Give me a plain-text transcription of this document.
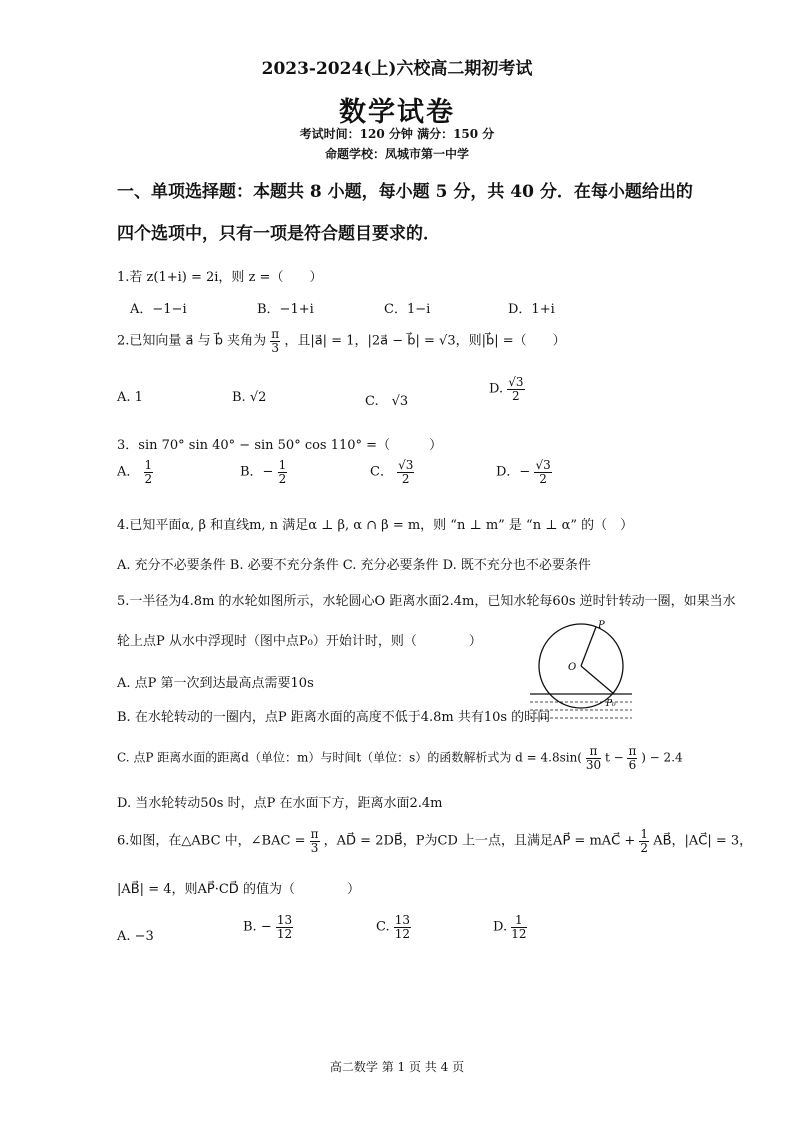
2023-2024(上)六校高二期初考试
数学试卷
考试时间：120 分钟 满分：150 分
命题学校：凤城市第一中学
一、单项选择题：本题共 8 小题，每小题 5 分，共 40 分．在每小题给出的
四个选项中，只有一项是符合题目要求的．
1.若 z(1+i) = 2i，则 z =（　　）
A．−1−i	B．−1+i	C．1−i	D．1+i
2.已知向量 a⃗ 与 b⃗ 夹角为 $\frac{\pi}{3}$ ，且|a⃗| = 1，|2a⃗ − b⃗| = √3，则|b⃗| =（　　）
A. 1	B. √2	C.　√3
D. $\frac{√3}{2}$
3．sin 70° sin 40° − sin 50° cos 110° =（　　　）
A． $\frac{1}{2}$	B．− $\frac{1}{2}$	C． $\frac{√3}{2}$	D．− $\frac{√3}{2}$
4.已知平面α, β 和直线m, n 满足α ⊥ β, α ∩ β = m，则 “n ⊥ m” 是 “n ⊥ α” 的（　）
A. 充分不必要条件 B. 必要不充分条件 C. 充分必要条件 D. 既不充分也不必要条件
5.一半径为4.8m 的水轮如图所示，水轮圆心O 距离水面2.4m，已知水轮每60s 逆时针转动一圈，如果当水
轮上点P 从水中浮现时（图中点P₀）开始计时，则（　　　　）
A. 点P 第一次到达最高点需要10s
B. 在水轮转动的一圈内，点P 距离水面的高度不低于4.8m 共有10s 的时间
C. 点P 距离水面的距离d（单位：m）与时间t（单位：s）的函数解析式为 $d = 4.8\sin( \frac{\pi}{30}$ $t - \frac{\pi}{6}$ ) − 2.4
D. 当水轮转动50s 时，点P 在水面下方，距离水面2.4m
P
O
P₀
6.如图，在△ABC 中，∠BAC = $\frac{\pi}{3}$ ，AD⃗ = 2DB⃗，P为CD 上一点，且满足AP⃗ = mAC⃗ + $\frac{1}{2}$ AB⃗，|AC⃗| = 3，
|AB⃗| = 4，则AP⃗·CD⃗ 的值为（　　　　）
A. −3
B. − $\frac{13}{12}$	C. $\frac{13}{12}$	D. $\frac{1}{12}$
高二数学 第 1 页 共 4 页
